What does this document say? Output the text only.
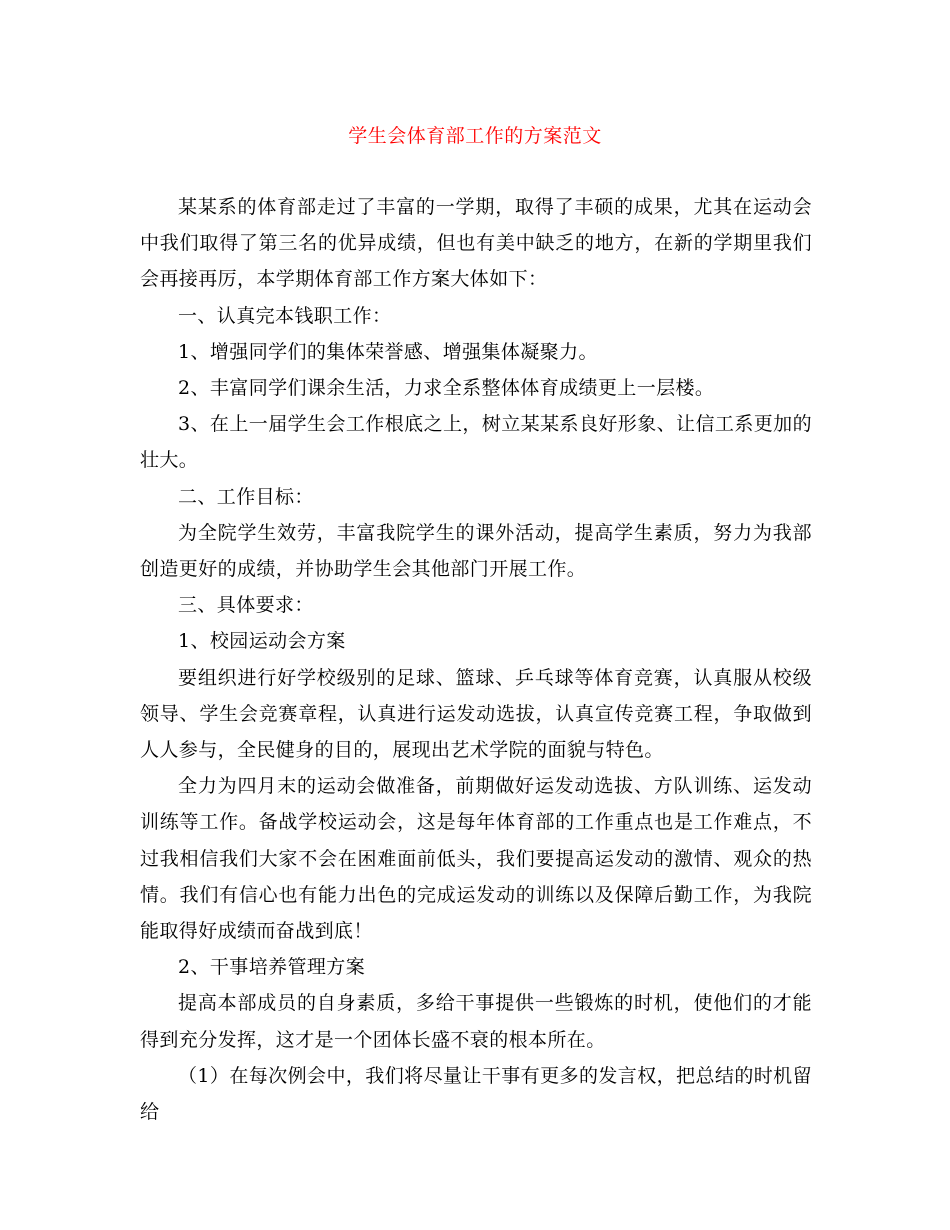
学生会体育部工作的方案范文

某某系的体育部走过了丰富的一学期，取得了丰硕的成果，尤其在运动会中我们取得了第三名的优异成绩，但也有美中缺乏的地方，在新的学期里我们会再接再厉，本学期体育部工作方案大体如下：

一、认真完本钱职工作：

1、增强同学们的集体荣誉感、增强集体凝聚力。

2、丰富同学们课余生活，力求全系整体体育成绩更上一层楼。

3、在上一届学生会工作根底之上，树立某某系良好形象、让信工系更加的壮大。

二、工作目标：

为全院学生效劳，丰富我院学生的课外活动，提高学生素质，努力为我部创造更好的成绩，并协助学生会其他部门开展工作。

三、具体要求：

1、校园运动会方案

要组织进行好学校级别的足球、篮球、乒乓球等体育竞赛，认真服从校级领导、学生会竞赛章程，认真进行运发动选拔，认真宣传竞赛工程，争取做到人人参与，全民健身的目的，展现出艺术学院的面貌与特色。

全力为四月末的运动会做准备，前期做好运发动选拔、方队训练、运发动训练等工作。备战学校运动会，这是每年体育部的工作重点也是工作难点，不过我相信我们大家不会在困难面前低头，我们要提高运发动的激情、观众的热情。我们有信心也有能力出色的完成运发动的训练以及保障后勤工作，为我院能取得好成绩而奋战到底！

2、干事培养管理方案

提高本部成员的自身素质，多给干事提供一些锻炼的时机，使他们的才能得到充分发挥，这才是一个团体长盛不衰的根本所在。

（1）在每次例会中，我们将尽量让干事有更多的发言权，把总结的时机留给
